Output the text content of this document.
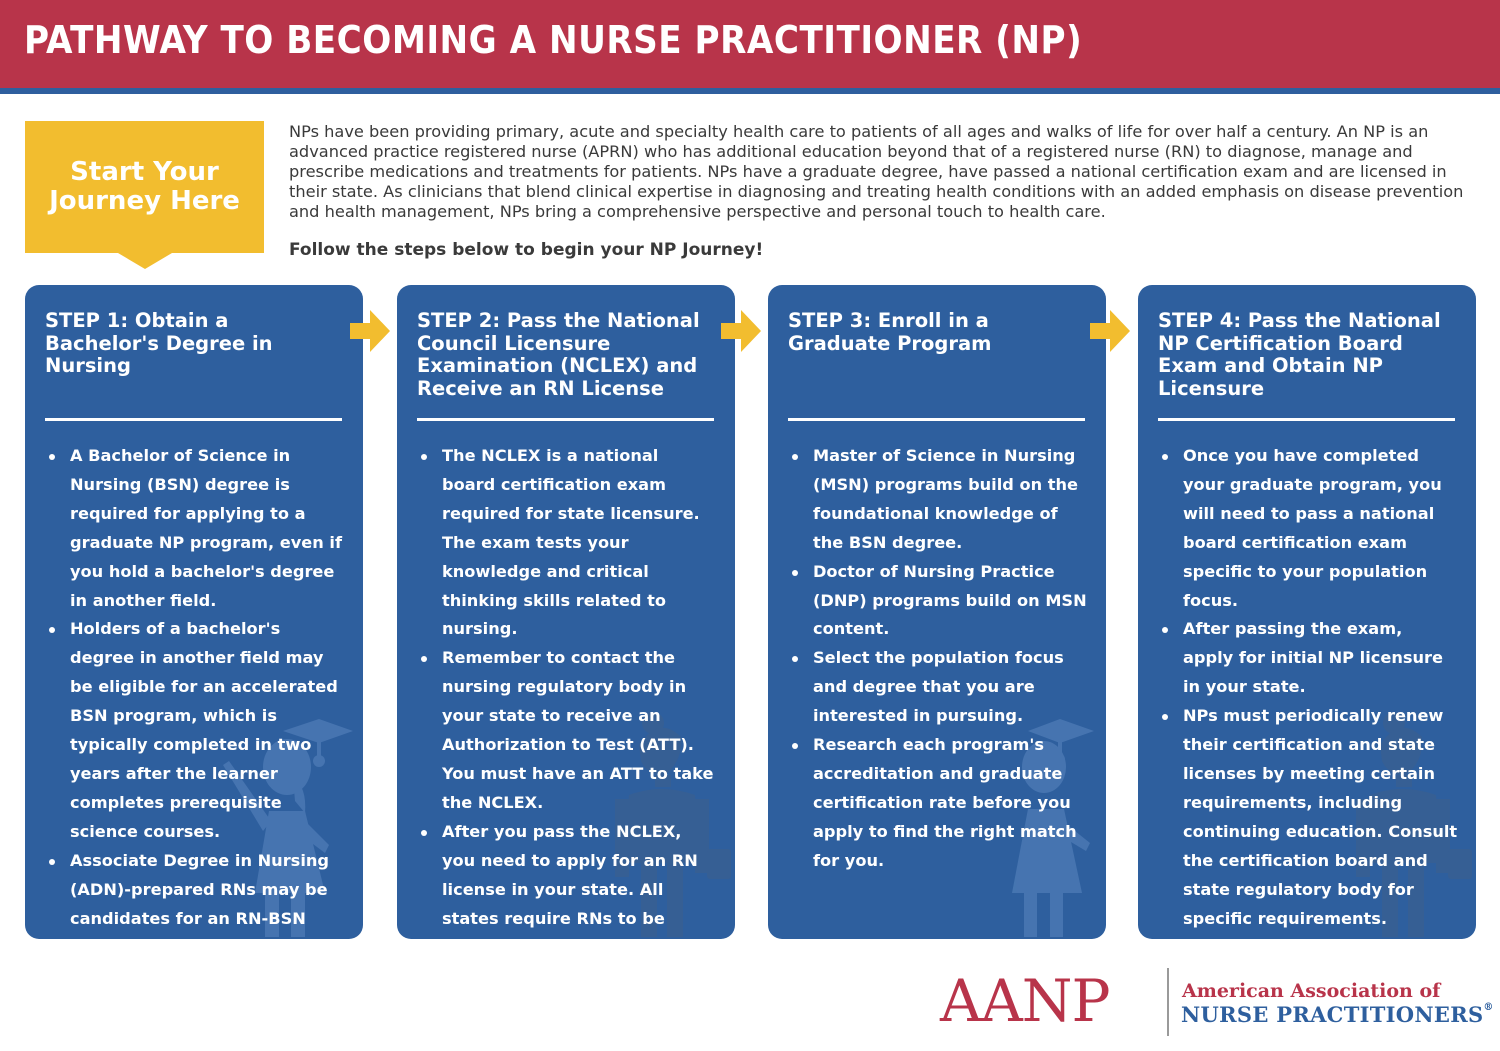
PATHWAY TO BECOMING A NURSE PRACTITIONER (NP)
Start Your Journey Here
NPs have been providing primary, acute and specialty health care to patients of all ages and walks of life for over half a century. An NP is an advanced practice registered nurse (APRN) who has additional education beyond that of a registered nurse (RN) to diagnose, manage and prescribe medications and treatments for patients. NPs have a graduate degree, have passed a national certification exam and are licensed in their state. As clinicians that blend clinical expertise in diagnosing and treating health conditions with an added emphasis on disease prevention and health management, NPs bring a comprehensive perspective and personal touch to health care.
Follow the steps below to begin your NP Journey!
STEP 1: Obtain a Bachelor's Degree in Nursing
A Bachelor of Science in Nursing (BSN) degree is required for applying to a graduate NP program, even if you hold a bachelor's degree in another field.
Holders of a bachelor's degree in another field may be eligible for an accelerated BSN program, which is typically completed in two years after the learner completes prerequisite science courses.
Associate Degree in Nursing (ADN)-prepared RNs may be candidates for an RN-BSN program.
STEP 2: Pass the National Council Licensure Examination (NCLEX) and Receive an RN License
The NCLEX is a national board certification exam required for state licensure. The exam tests your knowledge and critical thinking skills related to nursing.
Remember to contact the nursing regulatory body in your state to receive an Authorization to Test (ATT). You must have an ATT to take the NCLEX.
After you pass the NCLEX, you need to apply for an RN license in your state. All states require RNs to be licensed.
STEP 3: Enroll in a Graduate Program
Master of Science in Nursing (MSN) programs build on the foundational knowledge of the BSN degree.
Doctor of Nursing Practice (DNP) programs build on MSN content.
Select the population focus and degree that you are interested in pursuing.
Research each program's accreditation and graduate certification rate before you apply to find the right match for you.
STEP 4: Pass the National NP Certification Board Exam and Obtain NP Licensure
Once you have completed your graduate program, you will need to pass a national board certification exam specific to your population focus.
After passing the exam, apply for initial NP licensure in your state.
NPs must periodically renew their certification and state licenses by meeting certain requirements, including continuing education. Consult the certification board and state regulatory body for specific requirements.
AANP	American Association of
NURSE PRACTITIONERS®
